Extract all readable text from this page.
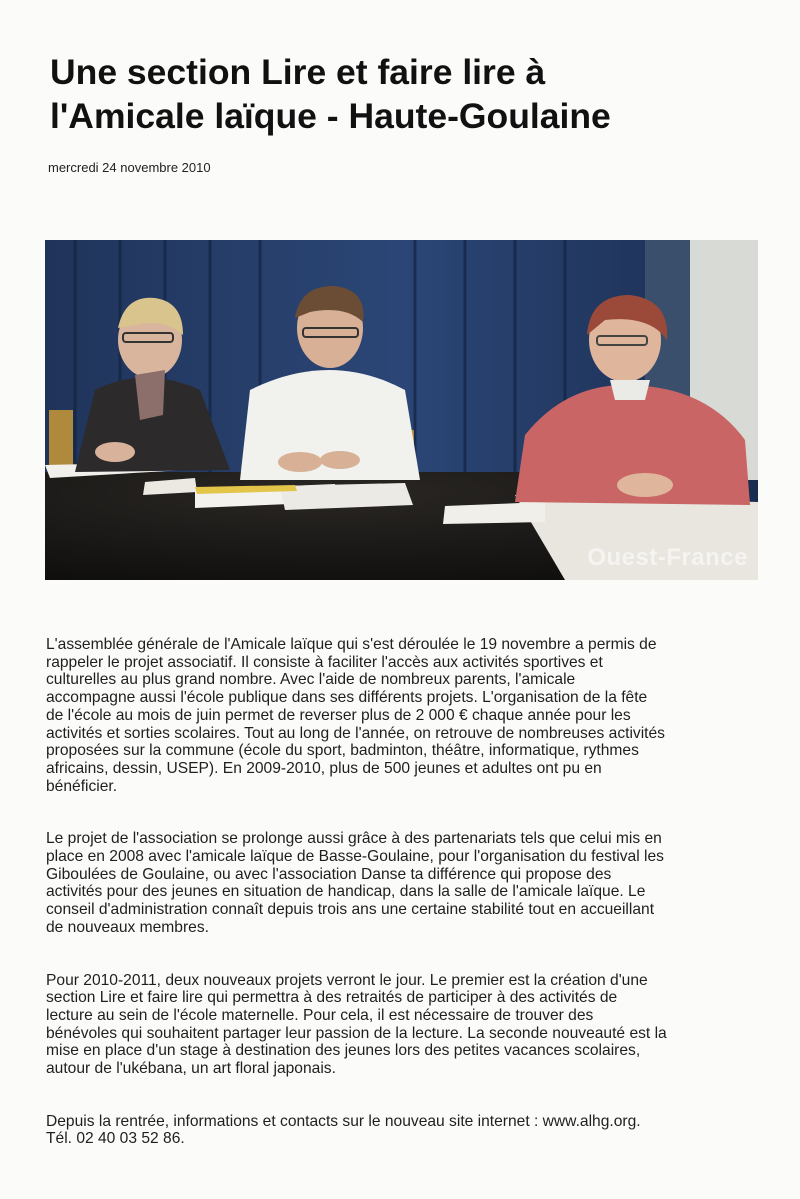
Une section Lire et faire lire à
l'Amicale laïque - Haute-Goulaine
mercredi 24 novembre 2010
Ouest-France

L'assemblée générale de l'Amicale laïque qui s'est déroulée le 19 novembre a permis de
rappeler le projet associatif. Il consiste à faciliter l'accès aux activités sportives et
culturelles au plus grand nombre. Avec l'aide de nombreux parents, l'amicale
accompagne aussi l'école publique dans ses différents projets. L'organisation de la fête
de l'école au mois de juin permet de reverser plus de 2 000 € chaque année pour les
activités et sorties scolaires. Tout au long de l'année, on retrouve de nombreuses activités
proposées sur la commune (école du sport, badminton, théâtre, informatique, rythmes
africains, dessin, USEP). En 2009-2010, plus de 500 jeunes et adultes ont pu en
bénéficier.

Le projet de l'association se prolonge aussi grâce à des partenariats tels que celui mis en
place en 2008 avec l'amicale laïque de Basse-Goulaine, pour l'organisation du festival les
Giboulées de Goulaine, ou avec l'association Danse ta différence qui propose des
activités pour des jeunes en situation de handicap, dans la salle de l'amicale laïque. Le
conseil d'administration connaît depuis trois ans une certaine stabilité tout en accueillant
de nouveaux membres.

Pour 2010-2011, deux nouveaux projets verront le jour. Le premier est la création d'une
section Lire et faire lire qui permettra à des retraités de participer à des activités de
lecture au sein de l'école maternelle. Pour cela, il est nécessaire de trouver des
bénévoles qui souhaitent partager leur passion de la lecture. La seconde nouveauté est la
mise en place d'un stage à destination des jeunes lors des petites vacances scolaires,
autour de l'ukébana, un art floral japonais.

Depuis la rentrée, informations et contacts sur le nouveau site internet : www.alhg.org.
Tél. 02 40 03 52 86.
